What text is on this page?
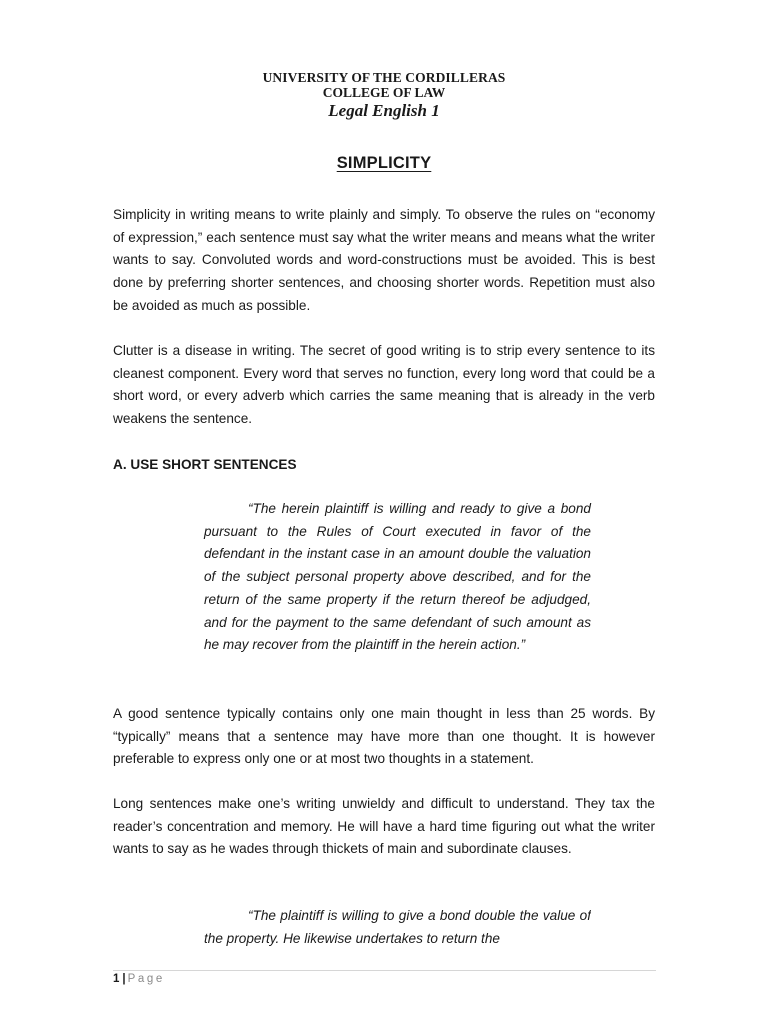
UNIVERSITY OF THE CORDILLERAS
COLLEGE OF LAW
Legal English 1
SIMPLICITY

Simplicity in writing means to write plainly and simply. To observe the rules on “economy of expression,” each sentence must say what the writer means and means what the writer wants to say. Convoluted words and word-constructions must be avoided. This is best done by preferring shorter sentences, and choosing shorter words. Repetition must also be avoided as much as possible.

Clutter is a disease in writing. The secret of good writing is to strip every sentence to its cleanest component. Every word that serves no function, every long word that could be a short word, or every adverb which carries the same meaning that is already in the verb weakens the sentence.

A. USE SHORT SENTENCES

“The herein plaintiff is willing and ready to give a bond pursuant to the Rules of Court executed in favor of the defendant in the instant case in an amount double the valuation of the subject personal property above described, and for the return of the same property if the return thereof be adjudged, and for the payment to the same defendant of such amount as he may recover from the plaintiff in the herein action.”

A good sentence typically contains only one main thought in less than 25 words. By “typically” means that a sentence may have more than one thought. It is however preferable to express only one or at most two thoughts in a statement.

Long sentences make one’s writing unwieldy and difficult to understand. They tax the reader’s concentration and memory. He will have a hard time figuring out what the writer wants to say as he wades through thickets of main and subordinate clauses.

“The plaintiff is willing to give a bond double the value of the property. He likewise undertakes to return the

1 | Page
